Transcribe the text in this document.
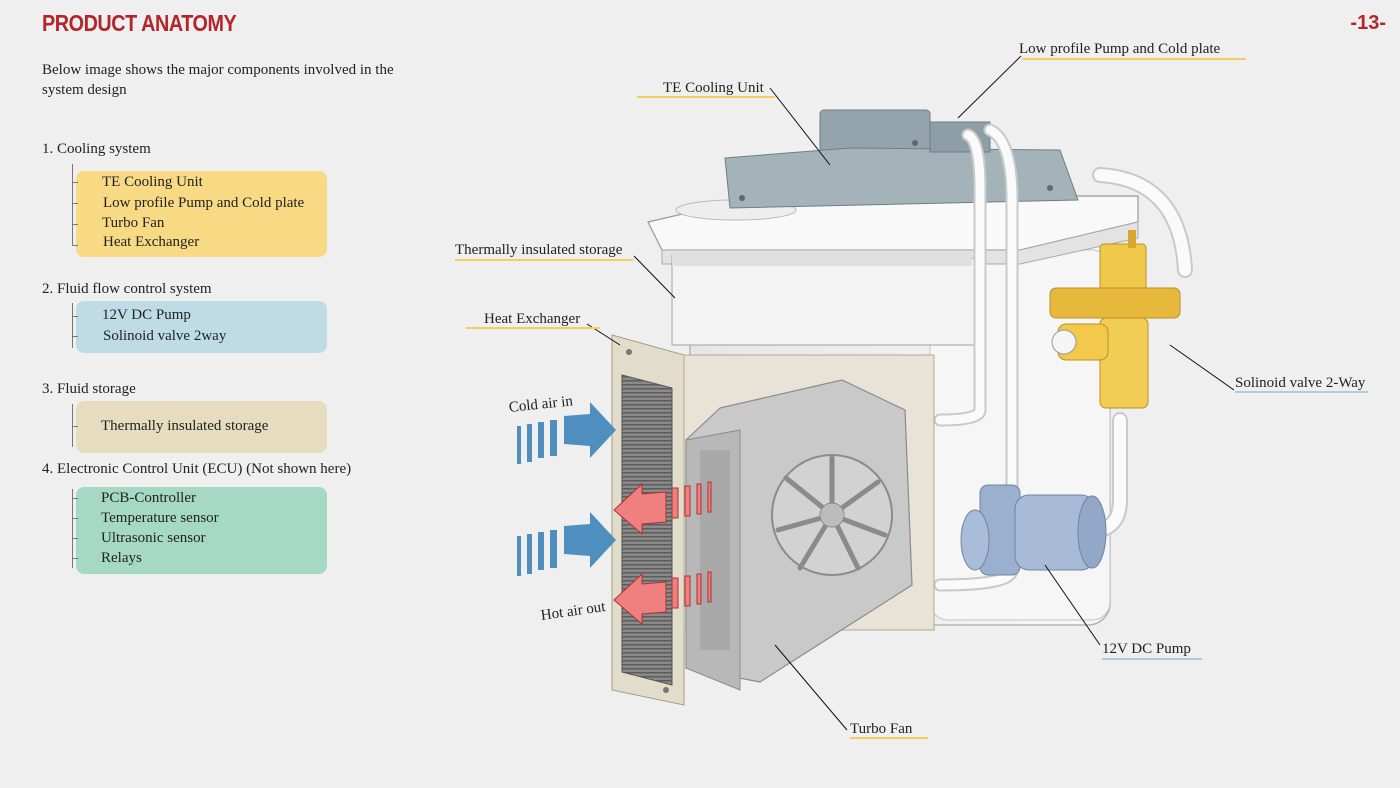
PRODUCT ANATOMY	-13-
Below image shows the major components involved in the system design
1. Cooling system
TE Cooling Unit
Low profile Pump and Cold plate
Turbo Fan
Heat Exchanger
2. Fluid flow control system
12V DC Pump
Solinoid valve 2way
3. Fluid storage
Thermally insulated storage
4. Electronic Control Unit (ECU) (Not shown here)
PCB-Controller
Temperature sensor
Ultrasonic sensor
Relays
Low profile Pump and Cold plate
TE Cooling Unit
Thermally insulated storage
Heat Exchanger
Solinoid valve 2-Way
12V DC Pump
Turbo Fan
Cold air in
Hot air out
